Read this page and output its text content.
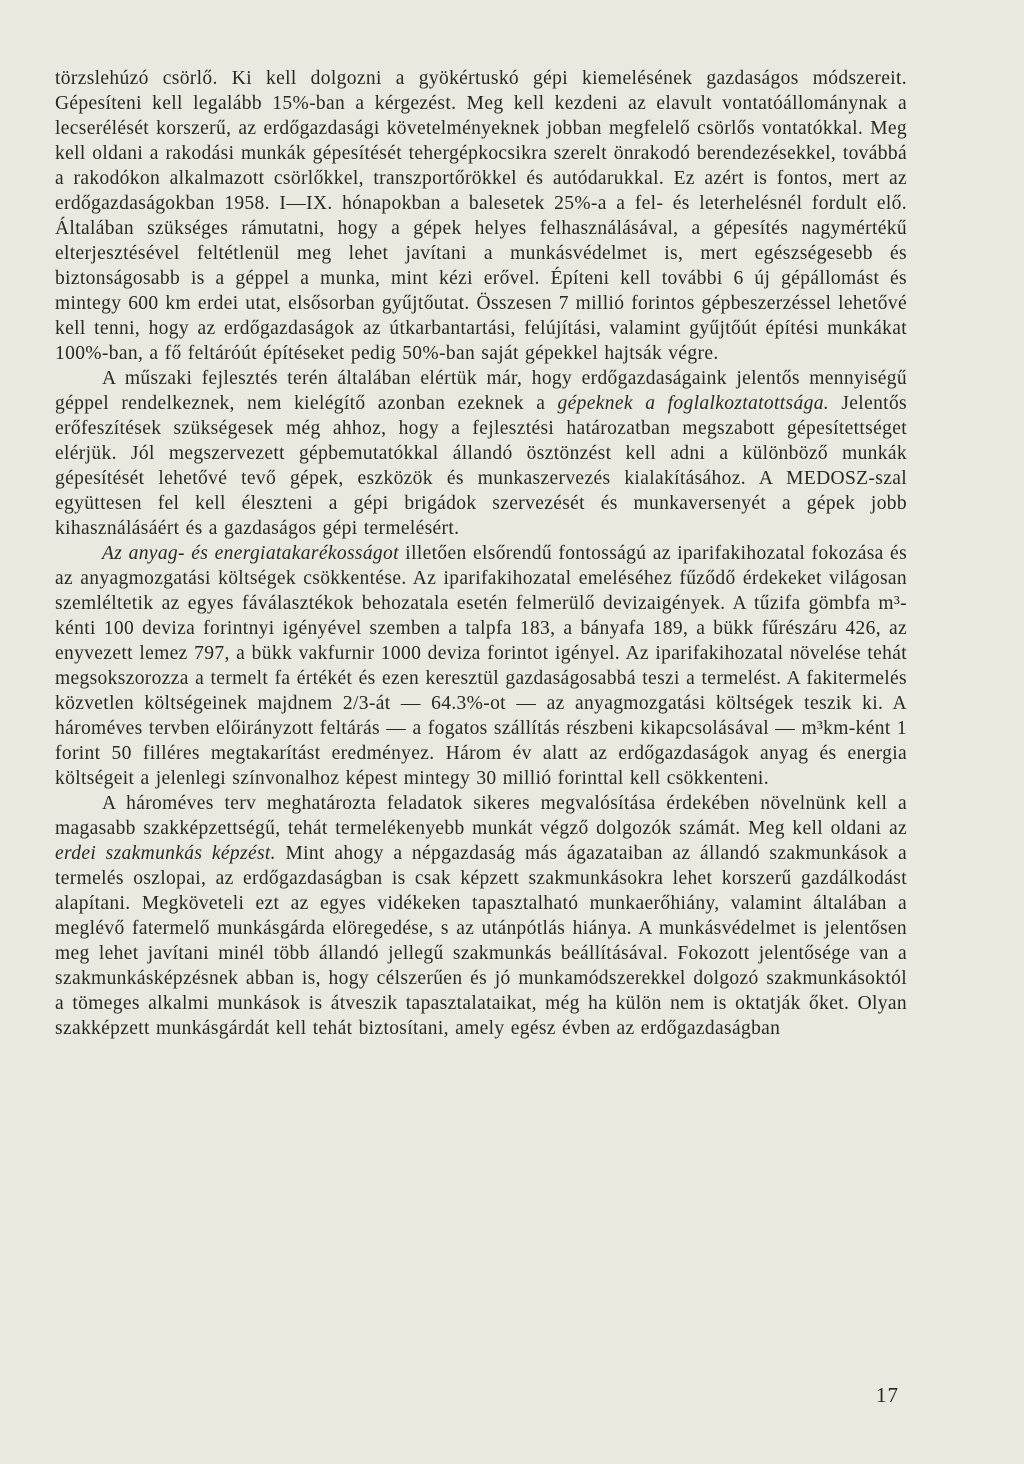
törzslehúzó csörlő. Ki kell dolgozni a gyökértuskó gépi kiemelésének gazdaságos módszereit. Gépesíteni kell legalább 15%-ban a kérgezést. Meg kell kezdeni az elavult vontatóállománynak a lecserélését korszerű, az erdőgazdasági követelményeknek jobban megfelelő csörlős vontatókkal. Meg kell oldani a rakodási munkák gépesítését tehergépkocsikra szerelt önrakodó berendezésekkel, továbbá a rakodókon alkalmazott csörlőkkel, transzportőrökkel és autódarukkal. Ez azért is fontos, mert az erdőgazdaságokban 1958. I—IX. hónapokban a balesetek 25%-a a fel- és leterhelésnél fordult elő. Általában szükséges rámutatni, hogy a gépek helyes felhasználásával, a gépesítés nagymértékű elterjesztésével feltétlenül meg lehet javítani a munkásvédelmet is, mert egészségesebb és biztonságosabb is a géppel a munka, mint kézi erővel. Építeni kell további 6 új gépállomást és mintegy 600 km erdei utat, elsősorban gyűjtőutat. Összesen 7 millió forintos gépbeszerzéssel lehetővé kell tenni, hogy az erdőgazdaságok az útkarbantartási, felújítási, valamint gyűjtőút építési munkákat 100%-ban, a fő feltáróút építéseket pedig 50%-ban saját gépekkel hajtsák végre.

A műszaki fejlesztés terén általában elértük már, hogy erdőgazdaságaink jelentős mennyiségű géppel rendelkeznek, nem kielégítő azonban ezeknek a gépeknek a foglalkoztatottsága. Jelentős erőfeszítések szükségesek még ahhoz, hogy a fejlesztési határozatban megszabott gépesítettséget elérjük. Jól megszervezett gépbemutatókkal állandó ösztönzést kell adni a különböző munkák gépesítését lehetővé tevő gépek, eszközök és munkaszervezés kialakításához. A MEDOSZ-szal együttesen fel kell éleszteni a gépi brigádok szervezését és munkaversenyét a gépek jobb kihasználásáért és a gazdaságos gépi termelésért.

Az anyag- és energiatakarékosságot illetően elsőrendű fontosságú az iparifakihozatal fokozása és az anyagmozgatási költségek csökkentése. Az iparifakihozatal emeléséhez fűződő érdekeket világosan szemléltetik az egyes fáválasztékok behozatala esetén felmerülő devizaigények. A tűzifa gömbfa m³-kénti 100 deviza forintnyi igényével szemben a talpfa 183, a bányafa 189, a bükk fűrészáru 426, az enyvezett lemez 797, a bükk vakfurnir 1000 deviza forintot igényel. Az iparifakihozatal növelése tehát megsokszorozza a termelt fa értékét és ezen keresztül gazdaságosabbá teszi a termelést. A fakitermelés közvetlen költségeinek majdnem 2/3-át — 64.3%-ot — az anyagmozgatási költségek teszik ki. A hároméves tervben előirányzott feltárás — a fogatos szállítás részbeni kikapcsolásával — m³km-ként 1 forint 50 filléres megtakarítást eredményez. Három év alatt az erdőgazdaságok anyag és energia költségeit a jelenlegi színvonalhoz képest mintegy 30 millió forinttal kell csökkenteni.

A hároméves terv meghatározta feladatok sikeres megvalósítása érdekében növelnünk kell a magasabb szakképzettségű, tehát termelékenyebb munkát végző dolgozók számát. Meg kell oldani az erdei szakmunkás képzést. Mint ahogy a népgazdaság más ágazataiban az állandó szakmunkások a termelés oszlopai, az erdőgazdaságban is csak képzett szakmunkásokra lehet korszerű gazdálkodást alapítani. Megköveteli ezt az egyes vidékeken tapasztalható munkaerőhiány, valamint általában a meglévő fatermelő munkásgárda elöregedése, s az utánpótlás hiánya. A munkásvédelmet is jelentősen meg lehet javítani minél több állandó jellegű szakmunkás beállításával. Fokozott jelentősége van a szakmunkásképzésnek abban is, hogy célszerűen és jó munkamódszerekkel dolgozó szakmunkásoktól a tömeges alkalmi munkások is átveszik tapasztalataikat, még ha külön nem is oktatják őket. Olyan szakképzett munkásgárdát kell tehát biztosítani, amely egész évben az erdőgazdaságban

17
